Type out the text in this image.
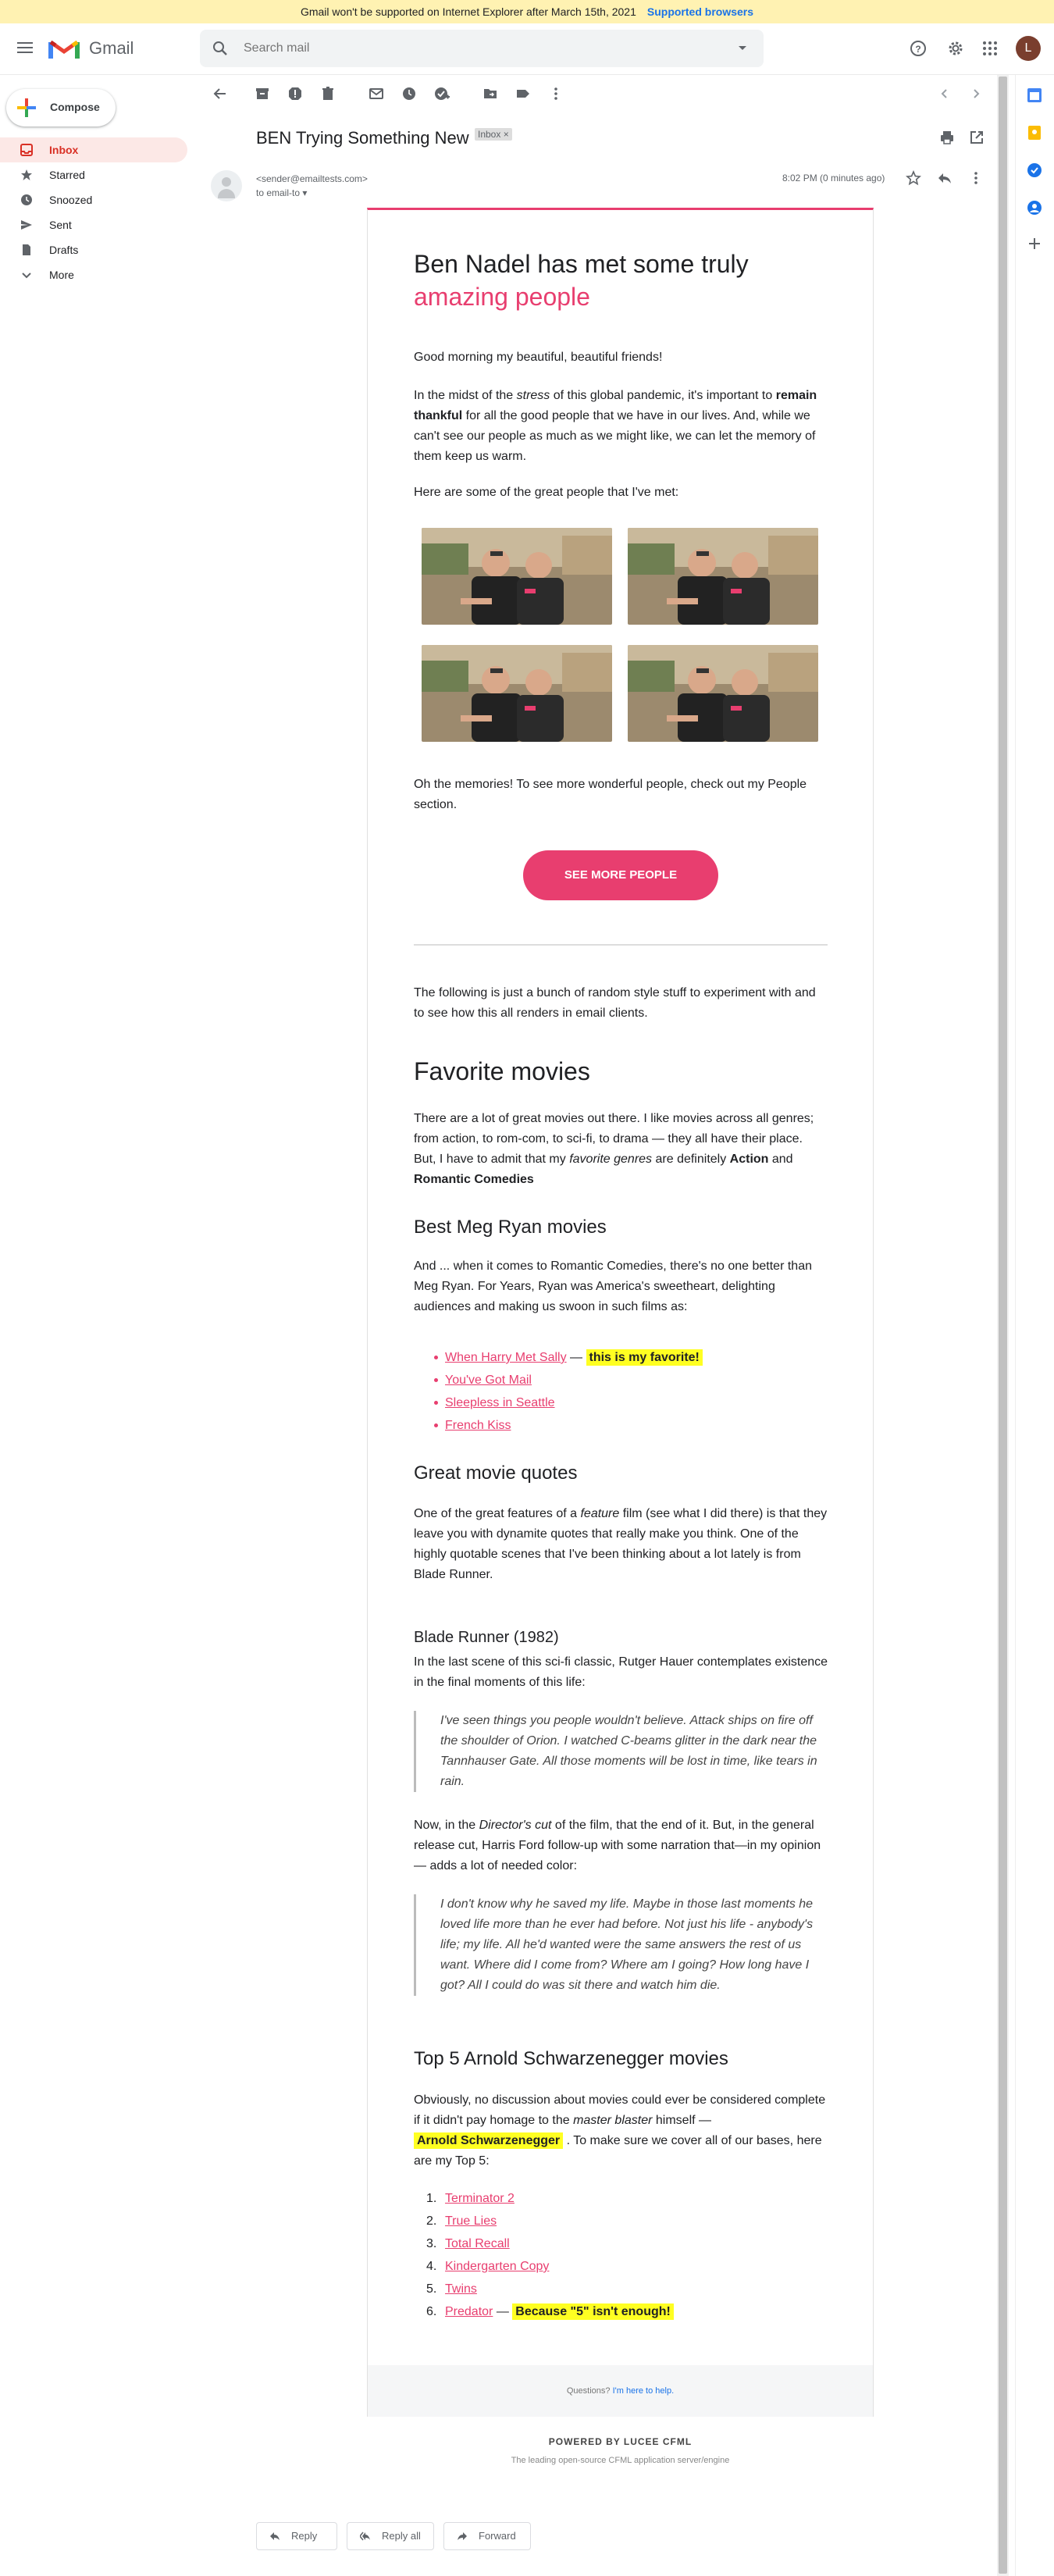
Gmail won't be supported on Internet Explorer after March 15th, 2021 Supported browsers
Gmail
Search mail	?	L
Compose
Inbox
Starred
Snoozed
Sent
Drafts
More
BEN Trying Something New Inbox ×
<sender@emailtests.com>
to email-to ▾
8:02 PM (0 minutes ago)
Ben Nadel has met some truly
amazing people
Good morning my beautiful, beautiful friends!
In the midst of the stress of this global pandemic, it's important to remain thankful for all the good people that we have in our lives. And, while we can't see our people as much as we might like, we can let the memory of them keep us warm.
Here are some of the great people that I've met:
Oh the memories! To see more wonderful people, check out my People section.
SEE MORE PEOPLE
The following is just a bunch of random style stuff to experiment with and to see how this all renders in email clients.
Favorite movies
There are a lot of great movies out there. I like movies across all genres; from action, to rom-com, to sci-fi, to drama — they all have their place. But, I have to admit that my favorite genres are definitely Action and Romantic Comedies
Best Meg Ryan movies
And ... when it comes to Romantic Comedies, there's no one better than Meg Ryan. For Years, Ryan was America's sweetheart, delighting audiences and making us swoon in such films as:
When Harry Met Sally — this is my favorite!
You've Got Mail
Sleepless in Seattle
French Kiss
Great movie quotes
One of the great features of a feature film (see what I did there) is that they leave you with dynamite quotes that really make you think. One of the highly quotable scenes that I've been thinking about a lot lately is from Blade Runner.
Blade Runner (1982)
In the last scene of this sci-fi classic, Rutger Hauer contemplates existence in the final moments of this life:
I've seen things you people wouldn't believe. Attack ships on fire off the shoulder of Orion. I watched C-beams glitter in the dark near the Tannhauser Gate. All those moments will be lost in time, like tears in rain.
Now, in the Director's cut of the film, that the end of it. But, in the general release cut, Harris Ford follow-up with some narration that—in my opinion— adds a lot of needed color:
I don't know why he saved my life. Maybe in those last moments he loved life more than he ever had before. Not just his life - anybody's life; my life. All he'd wanted were the same answers the rest of us want. Where did I come from? Where am I going? How long have I got? All I could do was sit there and watch him die.
Top 5 Arnold Schwarzenegger movies
Obviously, no discussion about movies could ever be considered complete if it didn't pay homage to the master blaster himself —
Arnold Schwarzenegger . To make sure we cover all of our bases, here are my Top 5:
1. Terminator 2
2. True Lies
3. Total Recall
4. Kindergarten Copy
5. Twins
6. Predator — Because "5" isn't enough!
Questions? I'm here to help.
POWERED BY LUCEE CFML
The leading open-source CFML application server/engine
Reply	Reply all	Forward
